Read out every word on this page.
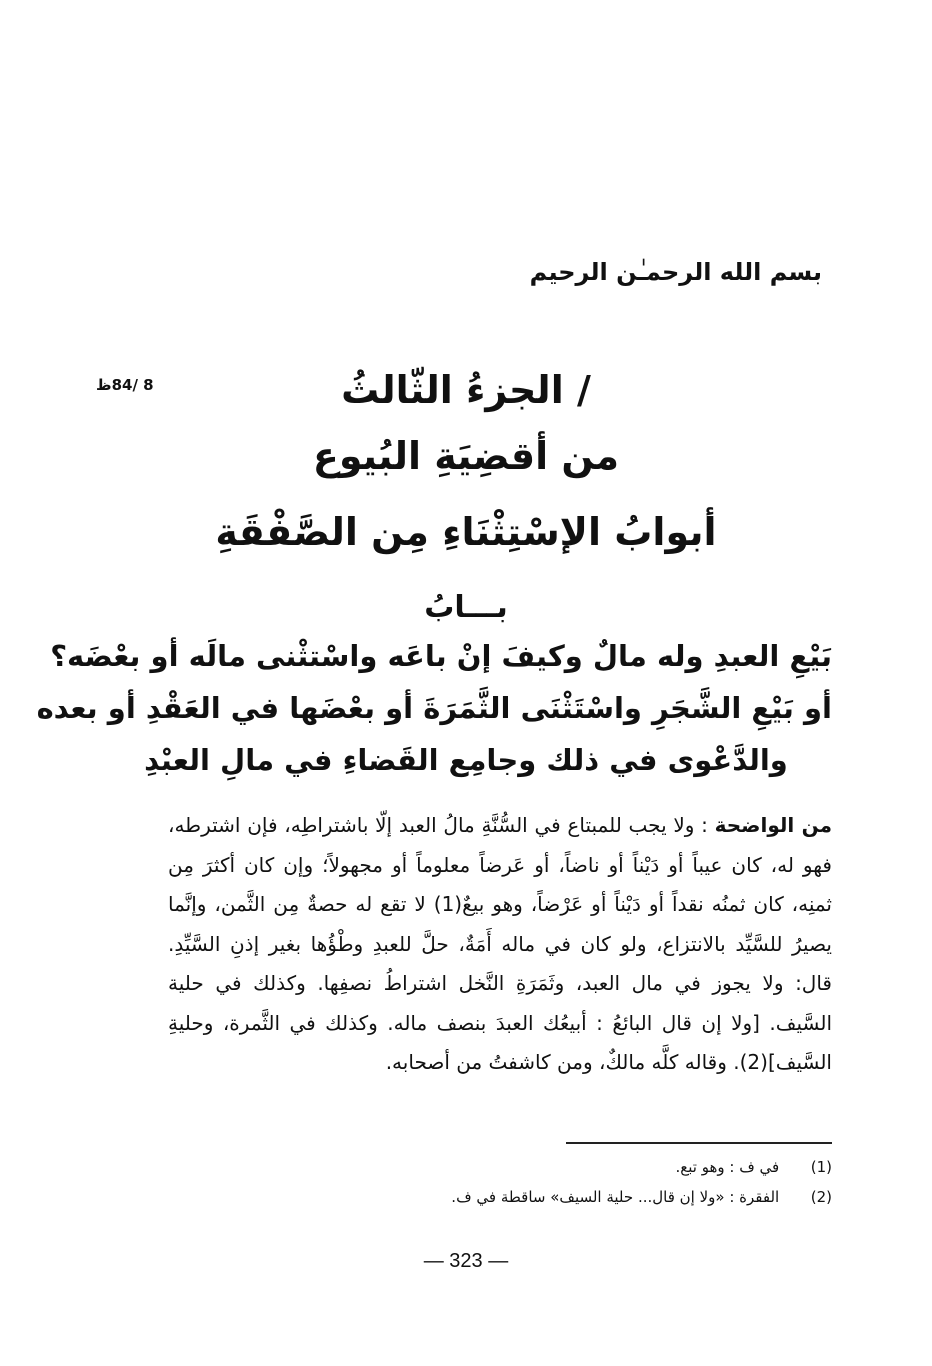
بسم الله الرحمـٰن الرحيم
8 /84ظ	/ الجزءُ الثّالثُ
من أقضِيَةِ البُيوع
أبوابُ الإسْتِثْنَاءِ مِن الصَّفْقَةِ
بـــابُ
بَيْعِ العبدِ وله مالٌ وكيفَ إنْ باعَه واسْتثْنى مالَه أو بعْضَه؟
أو بَيْعِ الشَّجَرِ واسْتَثْنَى الثَّمَرَةَ أو بعْضَها في العَقْدِ أو بعده
والدَّعْوى في ذلك وجامِع القَضاءِ في مالِ العبْدِ
من الواضحة : ولا يجب للمبتاع في السُّنَّةِ مالُ العبد إلّا باشتراطِه، فإن اشترطه، فهو له، كان عيباً أو دَيْناً أو ناضاً، أو عَرضاً معلوماً أو مجهولاً؛ وإن كان أكثرَ مِن ثمنِه، كان ثمنُه نقداً أو دَيْناً أو عَرْضاً، وهو بيعٌ(1) لا تقع له حصةٌ مِن الثَّمن، وإنَّما يصيرُ للسَّيِّد بالانتزاع، ولو كان في ماله أَمَةٌ، حلَّ للعبدِ وطْؤُها بغير إذنِ السَّيِّدِ. قال: ولا يجوز في مال العبد، وثَمَرَةِ النَّخل اشتراطُ نصفِها. وكذلك في حلية السَّيف. [ولا إن قال البائعُ : أبيعُك العبدَ بنصف ماله. وكذلك في الثَّمرة، وحليةِ السَّيف](2). وقاله كلَّه مالكٌ، ومن كاشفتُ من أصحابه.
(1) في ف : وهو تبع.
(2) الفقرة : «ولا إن قال... حلية السيف» ساقطة في ف.
— 323 —
